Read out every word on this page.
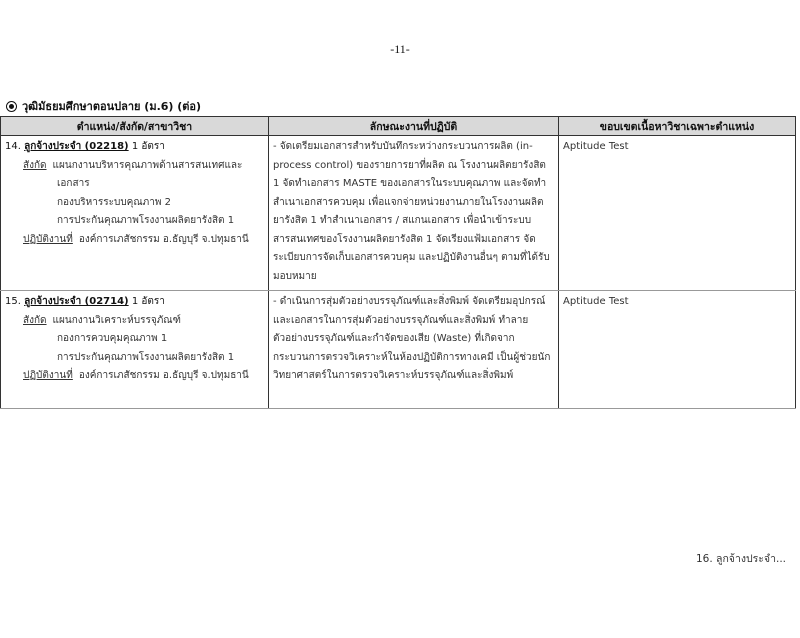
-11-
วุฒิมัธยมศึกษาตอนปลาย (ม.6) (ต่อ)
ตำแหน่ง/สังกัด/สาขาวิชา	ลักษณะงานที่ปฏิบัติ	ขอบเขตเนื้อหาวิชาเฉพาะตำแหน่ง

14. ลูกจ้างประจำ (02218) 1 อัตรา
สังกัด แผนกงานบริหารคุณภาพด้านสารสนเทศและ
เอกสาร
กองบริหารระบบคุณภาพ 2
การประกันคุณภาพโรงงานผลิตยารังสิต 1
ปฏิบัติงานที่ องค์การเภสัชกรรม อ.ธัญบุรี จ.ปทุมธานี
	- จัดเตรียมเอกสารสำหรับบันทึกระหว่างกระบวนการผลิต (in-process control) ของรายการยาที่ผลิต ณ โรงงานผลิตยารังสิต 1 จัดทำเอกสาร MASTE ของเอกสารในระบบคุณภาพ และจัดทำสำเนาเอกสารควบคุม เพื่อแจกจ่ายหน่วยงานภายในโรงงานผลิตยารังสิต 1 ทำสำเนาเอกสาร / สแกนเอกสาร เพื่อนำเข้าระบบสารสนเทศของโรงงานผลิตยารังสิต 1 จัดเรียงแฟ้มเอกสาร จัดระเบียบการจัดเก็บเอกสารควบคุม และปฏิบัติงานอื่นๆ ตามที่ได้รับมอบหมาย	Aptitude Test

15. ลูกจ้างประจำ (02714) 1 อัตรา
สังกัด แผนกงานวิเคราะห์บรรจุภัณฑ์
กองการควบคุมคุณภาพ 1
การประกันคุณภาพโรงงานผลิตยารังสิต 1
ปฏิบัติงานที่ องค์การเภสัชกรรม อ.ธัญบุรี จ.ปทุมธานี
	- ดำเนินการสุ่มตัวอย่างบรรจุภัณฑ์และสิ่งพิมพ์ จัดเตรียมอุปกรณ์และเอกสารในการสุ่มตัวอย่างบรรจุภัณฑ์และสิ่งพิมพ์ ทำลายตัวอย่างบรรจุภัณฑ์และกำจัดของเสีย (Waste) ที่เกิดจากกระบวนการตรวจวิเคราะห์ในห้องปฏิบัติการทางเคมี เป็นผู้ช่วยนักวิทยาศาสตร์ในการตรวจวิเคราะห์บรรจุภัณฑ์และสิ่งพิมพ์	Aptitude Test
16. ลูกจ้างประจำ...
